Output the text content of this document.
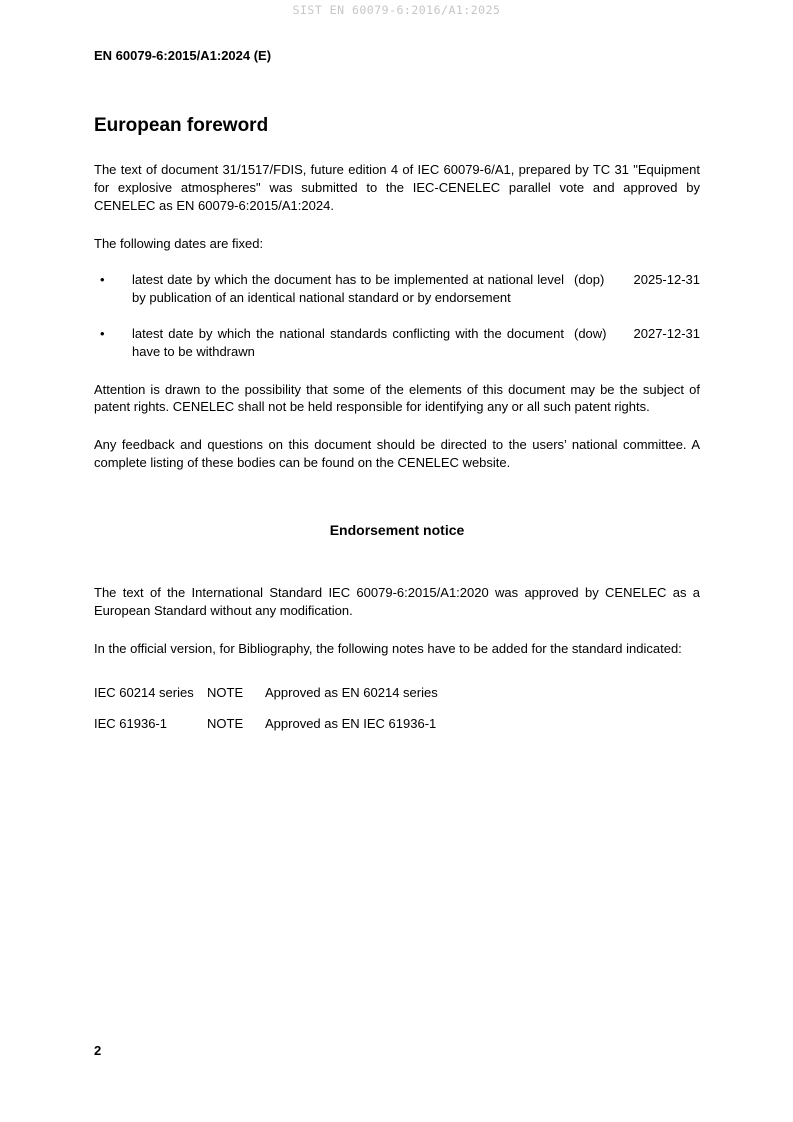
SIST EN 60079-6:2016/A1:2025
EN 60079-6:2015/A1:2024 (E)
European foreword

The text of document 31/1517/FDIS, future edition 4 of IEC 60079-6/A1, prepared by TC 31 "Equipment for explosive atmospheres" was submitted to the IEC-CENELEC parallel vote and approved by CENELEC as EN 60079-6:2015/A1:2024.

The following dates are fixed:

•	latest date by which the document has to be implemented at national level by publication of an identical national standard or by endorsement
(dop)	2025-12-31
•	latest date by which the national standards conflicting with the document have to be withdrawn
(dow)	2027-12-31

Attention is drawn to the possibility that some of the elements of this document may be the subject of patent rights. CENELEC shall not be held responsible for identifying any or all such patent rights.

Any feedback and questions on this document should be directed to the users’ national committee. A complete listing of these bodies can be found on the CENELEC website.

Endorsement notice

The text of the International Standard IEC 60079-6:2015/A1:2020 was approved by CENELEC as a European Standard without any modification.

In the official version, for Bibliography, the following notes have to be added for the standard indicated:

IEC 60214 series	NOTE	Approved as EN 60214 series
IEC 61936-1	NOTE	Approved as EN IEC 61936-1
2
